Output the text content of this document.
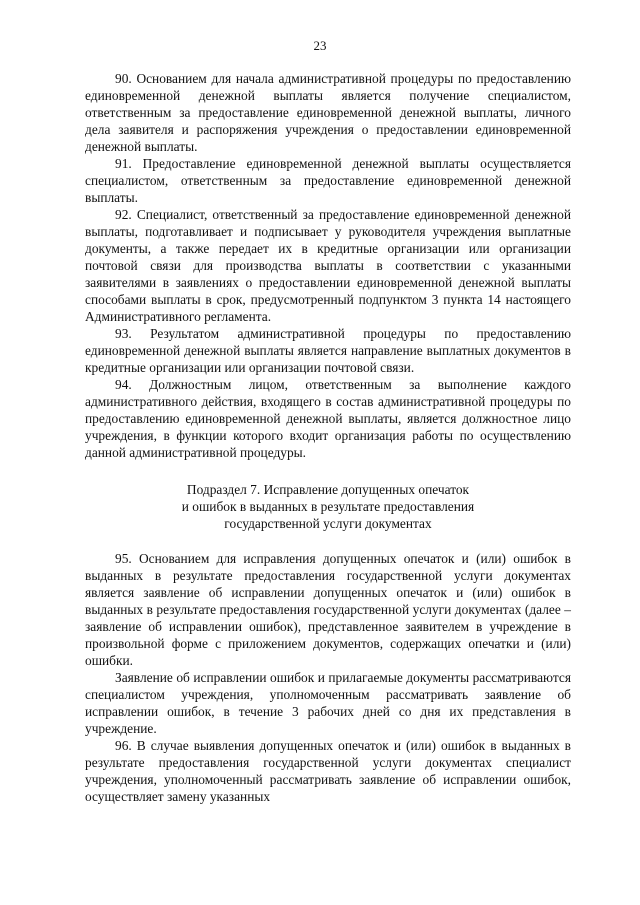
23

90. Основанием для начала административной процедуры по предоставлению единовременной денежной выплаты является получение специалистом, ответственным за предоставление единовременной денежной выплаты, личного дела заявителя и распоряжения учреждения о предоставлении единовременной денежной выплаты.

91. Предоставление единовременной денежной выплаты осуществляется специалистом, ответственным за предоставление единовременной денежной выплаты.

92. Специалист, ответственный за предоставление единовременной денежной выплаты, подготавливает и подписывает у руководителя учреждения выплатные документы, а также передает их в кредитные организации или организации почтовой связи для производства выплаты в соответствии с указанными заявителями в заявлениях о предоставлении единовременной денежной выплаты способами выплаты в срок, предусмотренный подпунктом 3 пункта 14 настоящего Административного регламента.

93. Результатом административной процедуры по предоставлению единовременной денежной выплаты является направление выплатных документов в кредитные организации или организации почтовой связи.

94. Должностным лицом, ответственным за выполнение каждого административного действия, входящего в состав административной процедуры по предоставлению единовременной денежной выплаты, является должностное лицо учреждения, в функции которого входит организация работы по осуществлению данной административной процедуры.

Подраздел 7. Исправление допущенных опечаток
и ошибок в выданных в результате предоставления
государственной услуги документах

95. Основанием для исправления допущенных опечаток и (или) ошибок в выданных в результате предоставления государственной услуги документах является заявление об исправлении допущенных опечаток и (или) ошибок в выданных в результате предоставления государственной услуги документах (далее – заявление об исправлении ошибок), представленное заявителем в учреждение в произвольной форме с приложением документов, содержащих опечатки и (или) ошибки.

Заявление об исправлении ошибок и прилагаемые документы рассматриваются специалистом учреждения, уполномоченным рассматривать заявление об исправлении ошибок, в течение 3 рабочих дней со дня их представления в учреждение.

96. В случае выявления допущенных опечаток и (или) ошибок в выданных в результате предоставления государственной услуги документах специалист учреждения, уполномоченный рассматривать заявление об исправлении ошибок, осуществляет замену указанных
